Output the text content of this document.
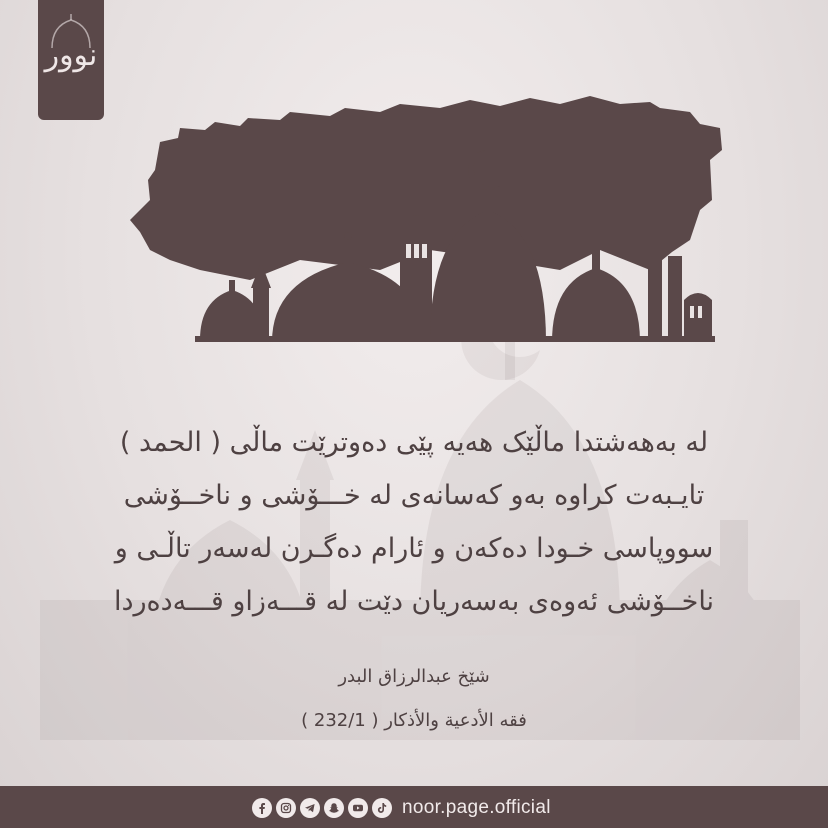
نوور
لە بەهەشتدا ماڵێک هەیە پێی دەوترێت ماڵی ( الحمد )
تایـبەت کراوە بەو کەسانەی لە خـــۆشی و ناخــۆشی
سووپاسی خـودا دەکەن و ئارام دەگـرن لەسەر تاڵـی و
ناخــۆشی ئەوەی بەسەریان دێت لە قـــەزاو قـــەدەردا
شێخ عبدالرزاق البدر
فقه الأدعية والأذكار ( 232/1 )
noor.page.official
